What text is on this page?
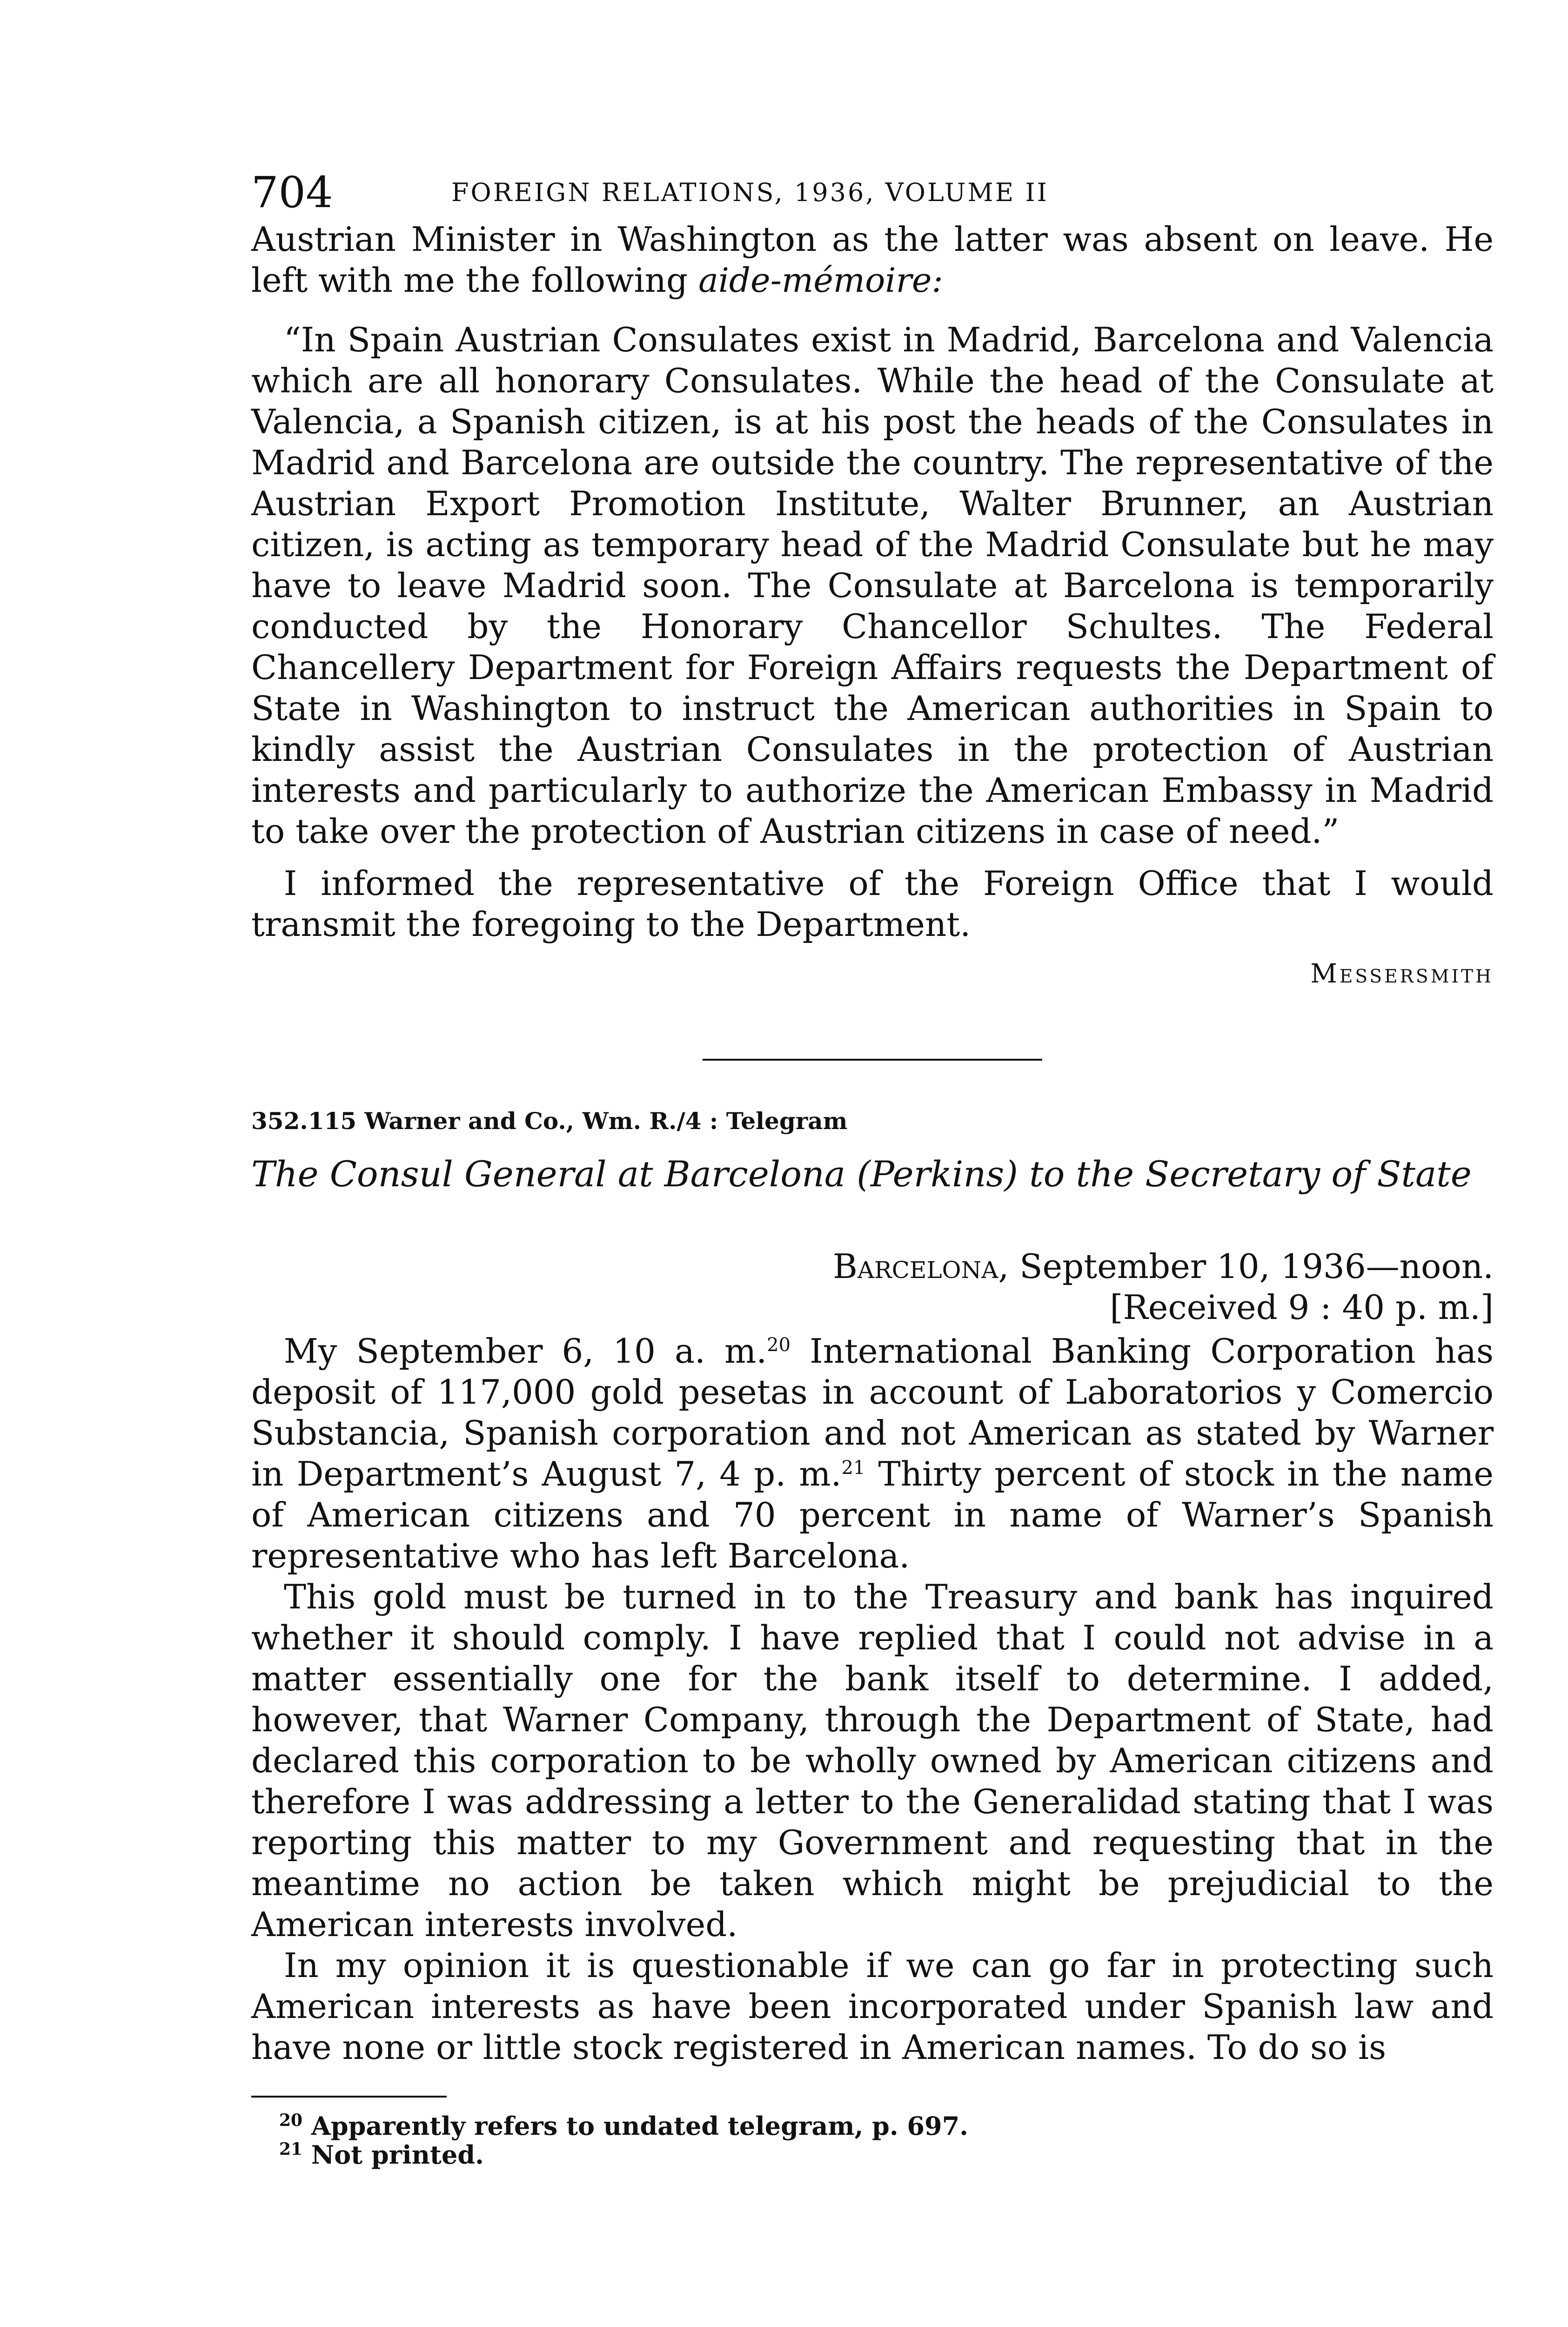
704	FOREIGN RELATIONS, 1936, VOLUME II

Austrian Minister in Washington as the latter was absent on leave. He left with me the following aide-mémoire:

“In Spain Austrian Consulates exist in Madrid, Barcelona and Valencia which are all honorary Consulates. While the head of the Consulate at Valencia, a Spanish citizen, is at his post the heads of the Consulates in Madrid and Barcelona are outside the country. The representative of the Austrian Export Promotion Institute, Walter Brunner, an Austrian citizen, is acting as temporary head of the Madrid Consulate but he may have to leave Madrid soon. The Consulate at Barcelona is temporarily conducted by the Honorary Chancellor Schultes. The Federal Chancellery Department for Foreign Affairs requests the Department of State in Washington to instruct the American authorities in Spain to kindly assist the Austrian Consulates in the protection of Austrian interests and particularly to authorize the American Embassy in Madrid to take over the protection of Austrian citizens in case of need.”

I informed the representative of the Foreign Office that I would transmit the foregoing to the Department.

Messersmith
352.115 Warner and Co., Wm. R./4 : Telegram
The Consul General at Barcelona (Perkins) to the Secretary of State
Barcelona, September 10, 1936—noon.
[Received 9 : 40 p. m.]

My September 6, 10 a. m.$^{20}$ International Banking Corporation has deposit of 117,000 gold pesetas in account of Laboratorios y Comercio Substancia, Spanish corporation and not American as stated by Warner in Department’s August 7, 4 p. m.$^{21}$ Thirty percent of stock in the name of American citizens and 70 percent in name of Warner’s Spanish representative who has left Barcelona.

This gold must be turned in to the Treasury and bank has inquired whether it should comply. I have replied that I could not advise in a matter essentially one for the bank itself to determine. I added, however, that Warner Company, through the Department of State, had declared this corporation to be wholly owned by American citizens and therefore I was addressing a letter to the Generalidad stating that I was reporting this matter to my Government and requesting that in the meantime no action be taken which might be prejudicial to the American interests involved.

In my opinion it is questionable if we can go far in protecting such American interests as have been incorporated under Spanish law and have none or little stock registered in American names. To do so is

$^{20}$ Apparently refers to undated telegram, p. 697.
$^{21}$ Not printed.
